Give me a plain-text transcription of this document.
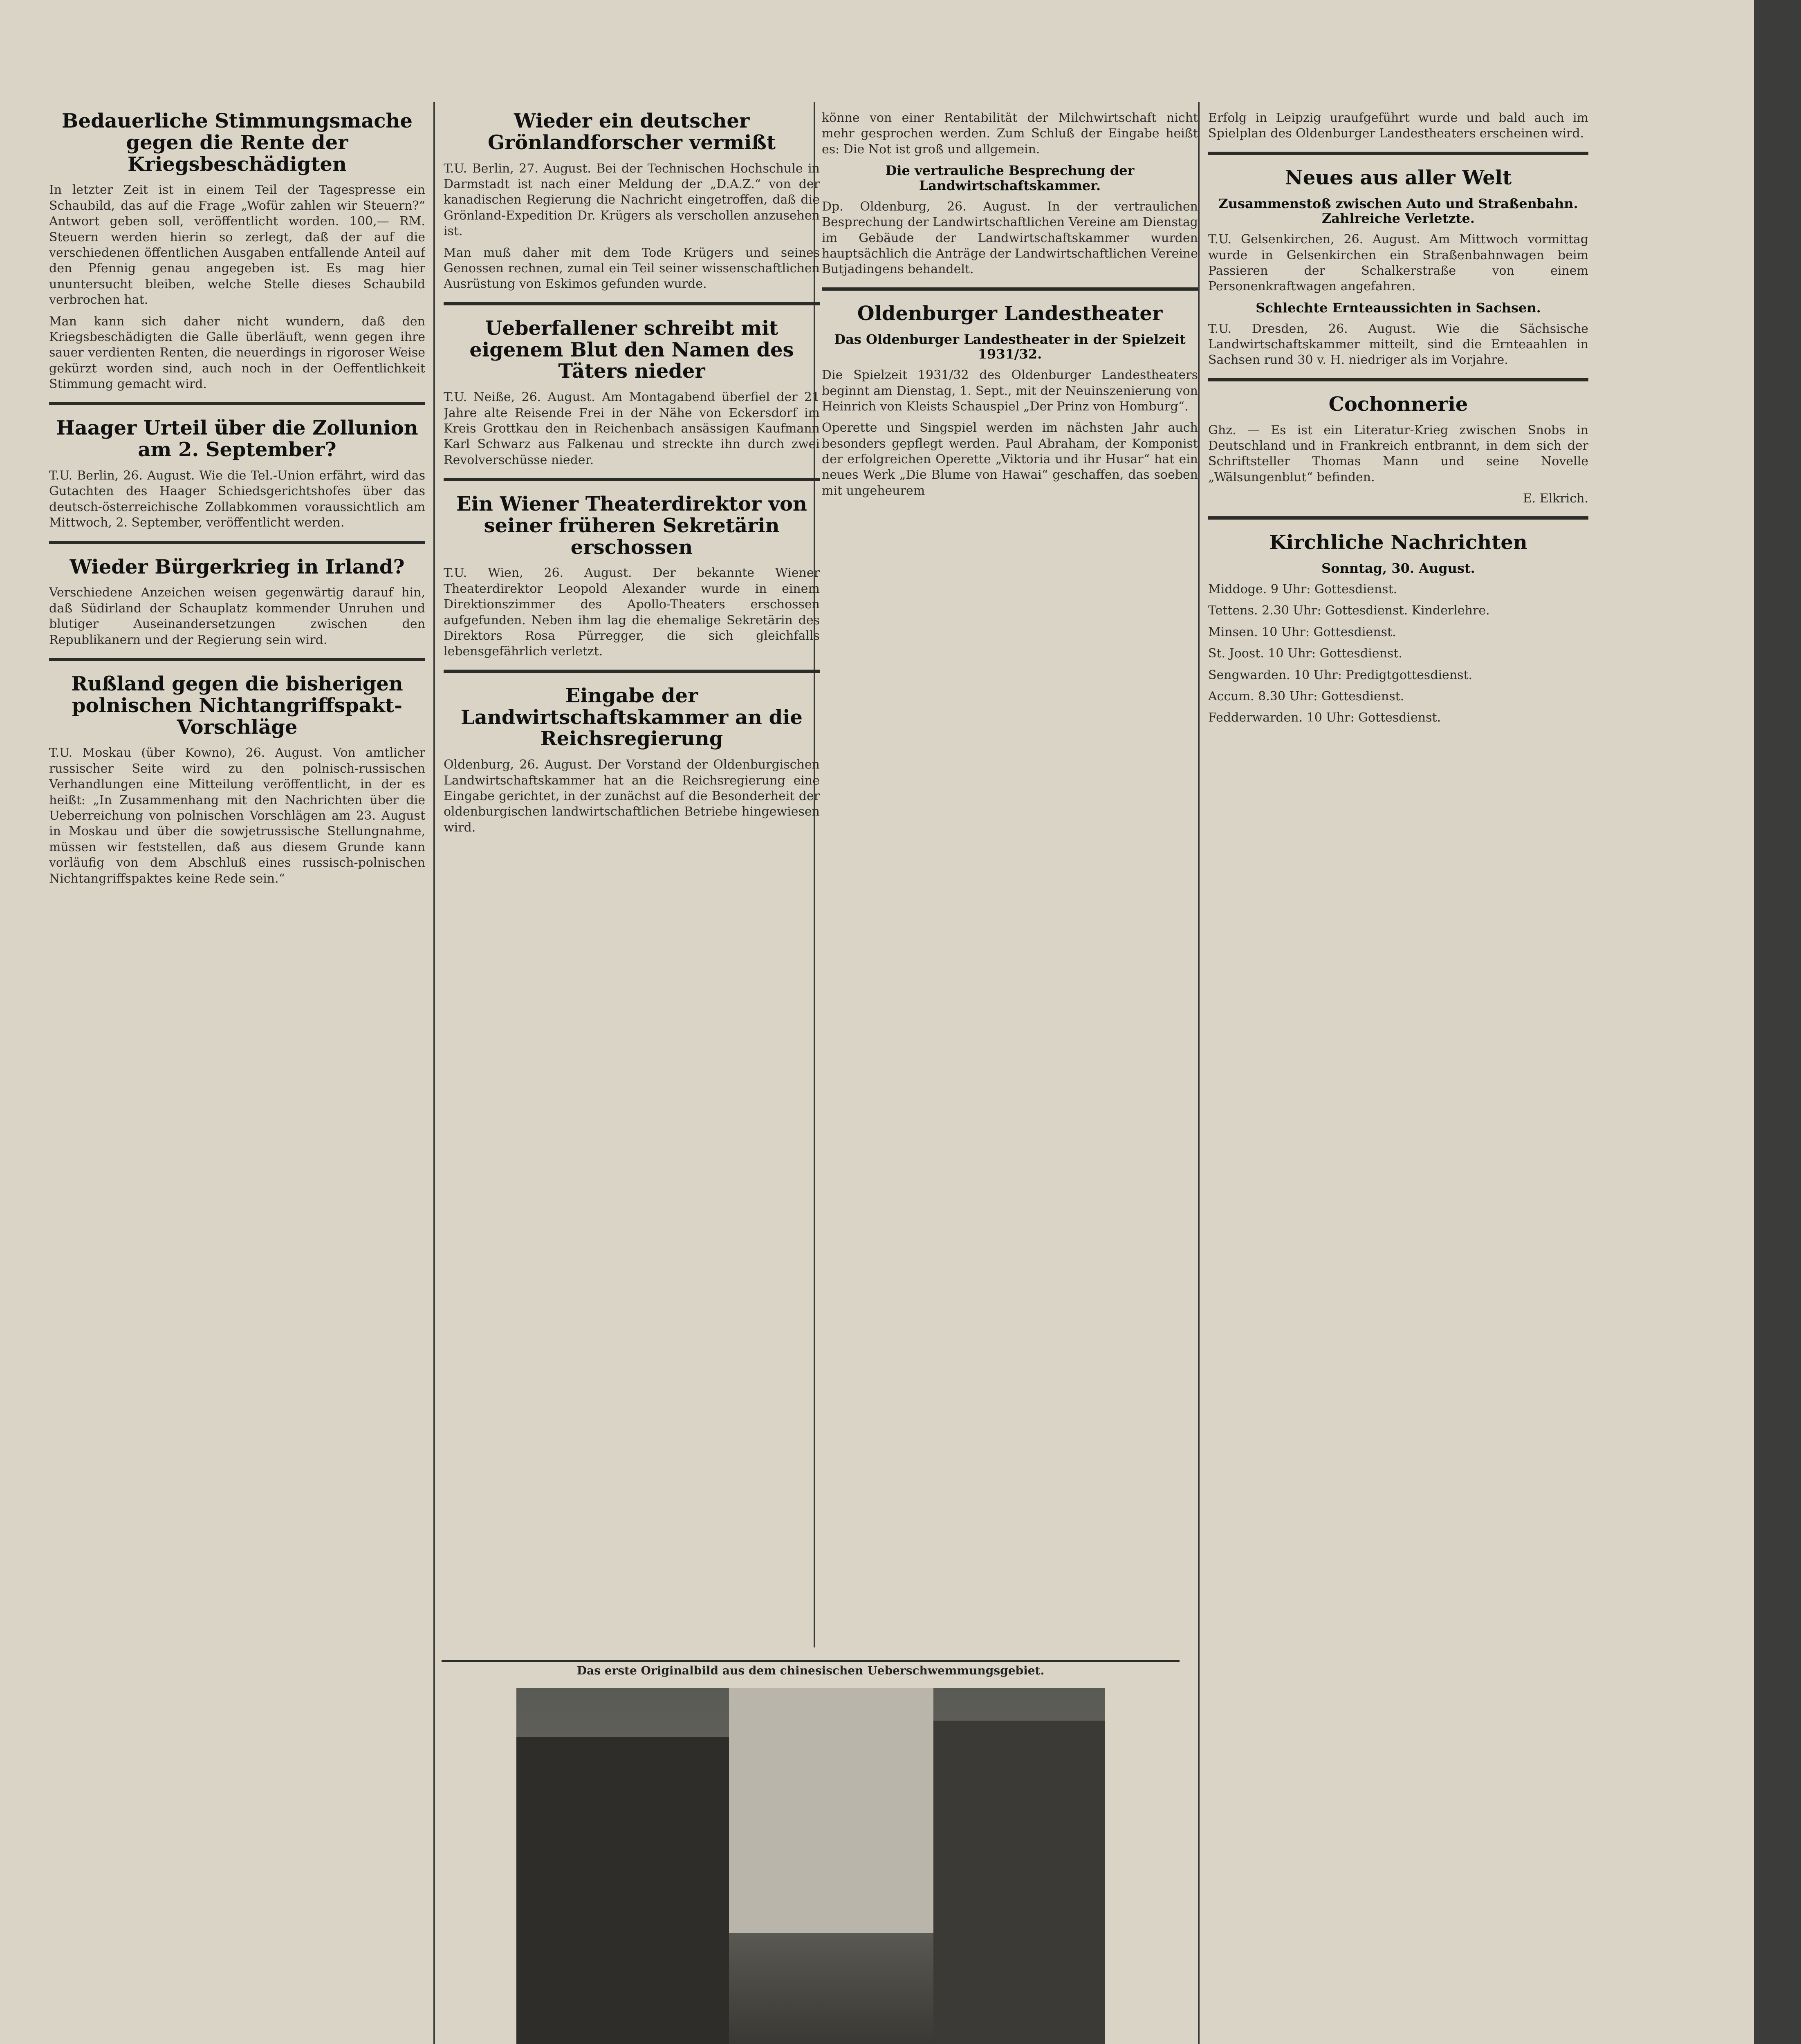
Bedauerliche Stimmungsmache gegen die Rente der Kriegsbeschädigten

In letzter Zeit ist in einem Teil der Tagespresse ein Schaubild, das auf die Frage „Wofür zahlen wir Steuern?“ Antwort geben soll, veröffentlicht worden. 100,— RM. Steuern werden hierin so zerlegt, daß der auf die verschiedenen öffentlichen Ausgaben entfallende Anteil auf den Pfennig genau angegeben ist. Es mag hier ununtersucht bleiben, welche Stelle dieses Schaubild verbrochen hat.

Man kann sich daher nicht wundern, daß den Kriegsbeschädigten die Galle überläuft, wenn gegen ihre sauer verdienten Renten, die neuerdings in rigoroser Weise gekürzt worden sind, auch noch in der Oeffentlichkeit Stimmung gemacht wird.

Haager Urteil über die Zollunion am 2. September?

T.U. Berlin, 26. August. Wie die Tel.-Union erfährt, wird das Gutachten des Haager Schiedsgerichtshofes über das deutsch-österreichische Zollabkommen voraussichtlich am Mittwoch, 2. September, veröffentlicht werden.

Wieder Bürgerkrieg in Irland?

Verschiedene Anzeichen weisen gegenwärtig darauf hin, daß Südirland der Schauplatz kommender Unruhen und blutiger Auseinandersetzungen zwischen den Republikanern und der Regierung sein wird.

Rußland gegen die bisherigen polnischen Nichtangriffspakt-Vorschläge

T.U. Moskau (über Kowno), 26. August. Von amtlicher russischer Seite wird zu den polnisch-russischen Verhandlungen eine Mitteilung veröffentlicht, in der es heißt: „In Zusammenhang mit den Nachrichten über die Ueberreichung von polnischen Vorschlägen am 23. August in Moskau und über die sowjetrussische Stellungnahme, müssen wir feststellen, daß aus diesem Grunde kann vorläufig von dem Abschluß eines russisch-polnischen Nichtangriffspaktes keine Rede sein.“

Wieder ein deutscher Grönlandforscher vermißt

T.U. Berlin, 27. August. Bei der Technischen Hochschule in Darmstadt ist nach einer Meldung der „D.A.Z.“ von der kanadischen Regierung die Nachricht eingetroffen, daß die Grönland-Expedition Dr. Krügers als verschollen anzusehen ist.

Man muß daher mit dem Tode Krügers und seines Genossen rechnen, zumal ein Teil seiner wissenschaftlichen Ausrüstung von Eskimos gefunden wurde.

Ueberfallener schreibt mit eigenem Blut den Namen des Täters nieder

T.U. Neiße, 26. August. Am Montagabend überfiel der 21 Jahre alte Reisende Frei in der Nähe von Eckersdorf im Kreis Grottkau den in Reichenbach ansässigen Kaufmann Karl Schwarz aus Falkenau und streckte ihn durch zwei Revolverschüsse nieder.

Ein Wiener Theaterdirektor von seiner früheren Sekretärin erschossen

T.U. Wien, 26. August. Der bekannte Wiener Theaterdirektor Leopold Alexander wurde in einem Direktionszimmer des Apollo-Theaters erschossen aufgefunden. Neben ihm lag die ehemalige Sekretärin des Direktors Rosa Pürregger, die sich gleichfalls lebensgefährlich verletzt.

Eingabe der Landwirtschaftskammer an die Reichsregierung

Oldenburg, 26. August. Der Vorstand der Oldenburgischen Landwirtschaftskammer hat an die Reichsregierung eine Eingabe gerichtet, in der zunächst auf die Besonderheit der oldenburgischen landwirtschaftlichen Betriebe hingewiesen wird.

könne von einer Rentabilität der Milchwirtschaft nicht mehr gesprochen werden. Zum Schluß der Eingabe heißt es: Die Not ist groß und allgemein.

Die vertrauliche Besprechung der Landwirtschaftskammer.

Dp. Oldenburg, 26. August. In der vertraulichen Besprechung der Landwirtschaftlichen Vereine am Dienstag im Gebäude der Landwirtschaftskammer wurden hauptsächlich die Anträge der Landwirtschaftlichen Vereine Butjadingens behandelt.

Oldenburger Landestheater
Das Oldenburger Landestheater in der Spielzeit 1931/32.

Die Spielzeit 1931/32 des Oldenburger Landestheaters beginnt am Dienstag, 1. Sept., mit der Neuinszenierung von Heinrich von Kleists Schauspiel „Der Prinz von Homburg“.

Operette und Singspiel werden im nächsten Jahr auch besonders gepflegt werden. Paul Abraham, der Komponist der erfolgreichen Operette „Viktoria und ihr Husar“ hat ein neues Werk „Die Blume von Hawai“ geschaffen, das soeben mit ungeheurem

Erfolg in Leipzig uraufgeführt wurde und bald auch im Spielplan des Oldenburger Landestheaters erscheinen wird.

Neues aus aller Welt
Zusammenstoß zwischen Auto und Straßenbahn. Zahlreiche Verletzte.

T.U. Gelsenkirchen, 26. August. Am Mittwoch vormittag wurde in Gelsenkirchen ein Straßenbahnwagen beim Passieren der Schalkerstraße von einem Personenkraftwagen angefahren.

Schlechte Ernteaussichten in Sachsen.

T.U. Dresden, 26. August. Wie die Sächsische Landwirtschaftskammer mitteilt, sind die Ernteaahlen in Sachsen rund 30 v. H. niedriger als im Vorjahre.

Cochonnerie

Ghz. — Es ist ein Literatur-Krieg zwischen Snobs in Deutschland und in Frankreich entbrannt, in dem sich der Schriftsteller Thomas Mann und seine Novelle „Wälsungenblut“ befinden.

E. Elkrich.

Kirchliche Nachrichten
Sonntag, 30. August.

Middoge. 9 Uhr: Gottesdienst.

Tettens. 2.30 Uhr: Gottesdienst. Kinderlehre.

Minsen. 10 Uhr: Gottesdienst.

St. Joost. 10 Uhr: Gottesdienst.

Sengwarden. 10 Uhr: Predigtgottesdienst.

Accum. 8.30 Uhr: Gottesdienst.

Fedderwarden. 10 Uhr: Gottesdienst.

Das erste Originalbild aus dem chinesischen Ueberschwemmungsgebiet.
